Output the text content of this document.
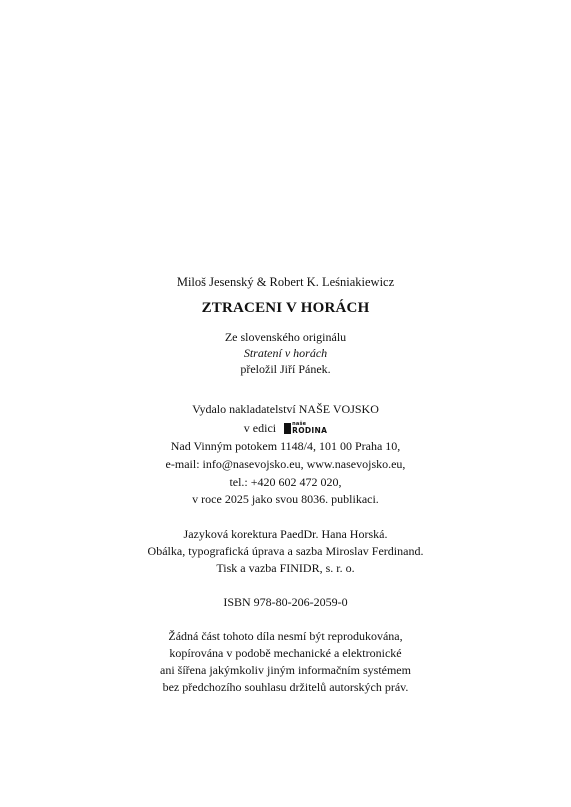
Miloš Jesenský & Robert K. Leśniakiewicz
ZTRACENI V HORÁCH
Ze slovenského originálu
Stratení v horách
přeložil Jiří Pánek.
Vydalo nakladatelství NAŠE VOJSKO
v edici	naše
RODINA
Nad Vinným potokem 1148/4, 101 00 Praha 10,
e-mail: info@nasevojsko.eu, www.nasevojsko.eu,
tel.: +420 602 472 020,
v roce 2025 jako svou 8036. publikaci.
Jazyková korektura PaedDr. Hana Horská.
Obálka, typografická úprava a sazba Miroslav Ferdinand.
Tisk a vazba FINIDR, s. r. o.
ISBN 978-80-206-2059-0
Žádná část tohoto díla nesmí být reprodukována,
kopírována v podobě mechanické a elektronické
ani šířena jakýmkoliv jiným informačním systémem
bez předchozího souhlasu držitelů autorských práv.
